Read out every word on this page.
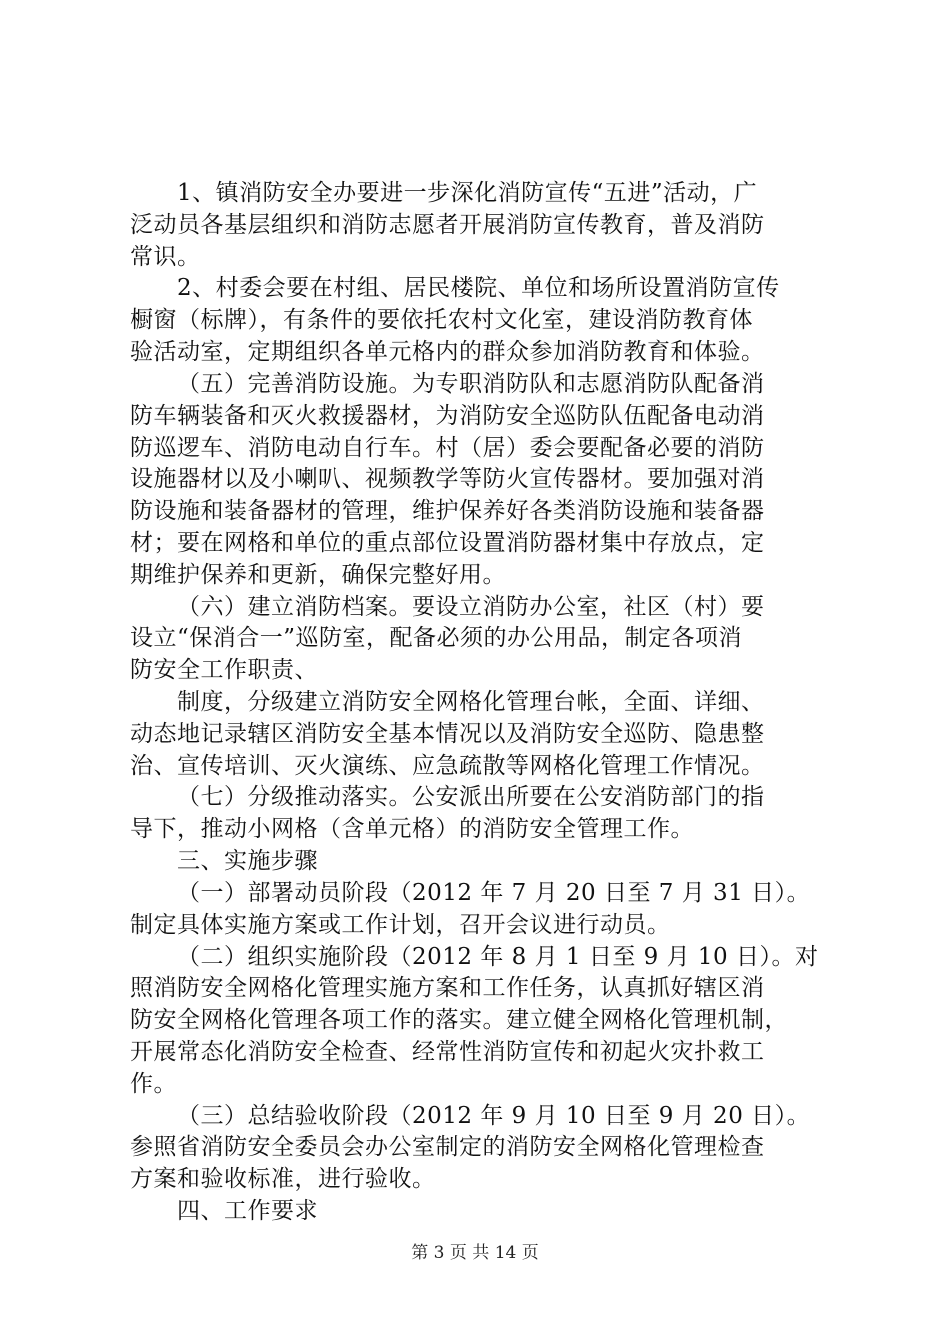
1、镇消防安全办要进一步深化消防宣传“五进”活动，广
泛动员各基层组织和消防志愿者开展消防宣传教育，普及消防
常识。
2、村委会要在村组、居民楼院、单位和场所设置消防宣传
橱窗（标牌），有条件的要依托农村文化室，建设消防教育体
验活动室，定期组织各单元格内的群众参加消防教育和体验。
（五）完善消防设施。为专职消防队和志愿消防队配备消
防车辆装备和灭火救援器材，为消防安全巡防队伍配备电动消
防巡逻车、消防电动自行车。村（居）委会要配备必要的消防
设施器材以及小喇叭、视频教学等防火宣传器材。要加强对消
防设施和装备器材的管理，维护保养好各类消防设施和装备器
材；要在网格和单位的重点部位设置消防器材集中存放点，定
期维护保养和更新，确保完整好用。
（六）建立消防档案。要设立消防办公室，社区（村）要
设立“保消合一”巡防室，配备必须的办公用品，制定各项消
防安全工作职责、
制度，分级建立消防安全网格化管理台帐，全面、详细、
动态地记录辖区消防安全基本情况以及消防安全巡防、隐患整
治、宣传培训、灭火演练、应急疏散等网格化管理工作情况。
（七）分级推动落实。公安派出所要在公安消防部门的指
导下，推动小网格（含单元格）的消防安全管理工作。
三、实施步骤
（一）部署动员阶段（2012 年 7 月 20 日至 7 月 31 日）。
制定具体实施方案或工作计划，召开会议进行动员。
（二）组织实施阶段（2012 年 8 月 1 日至 9 月 10 日）。对
照消防安全网格化管理实施方案和工作任务，认真抓好辖区消
防安全网格化管理各项工作的落实。建立健全网格化管理机制，
开展常态化消防安全检查、经常性消防宣传和初起火灾扑救工
作。
（三）总结验收阶段（2012 年 9 月 10 日至 9 月 20 日）。
参照省消防安全委员会办公室制定的消防安全网格化管理检查
方案和验收标准，进行验收。
四、工作要求
第 3 页 共 14 页
